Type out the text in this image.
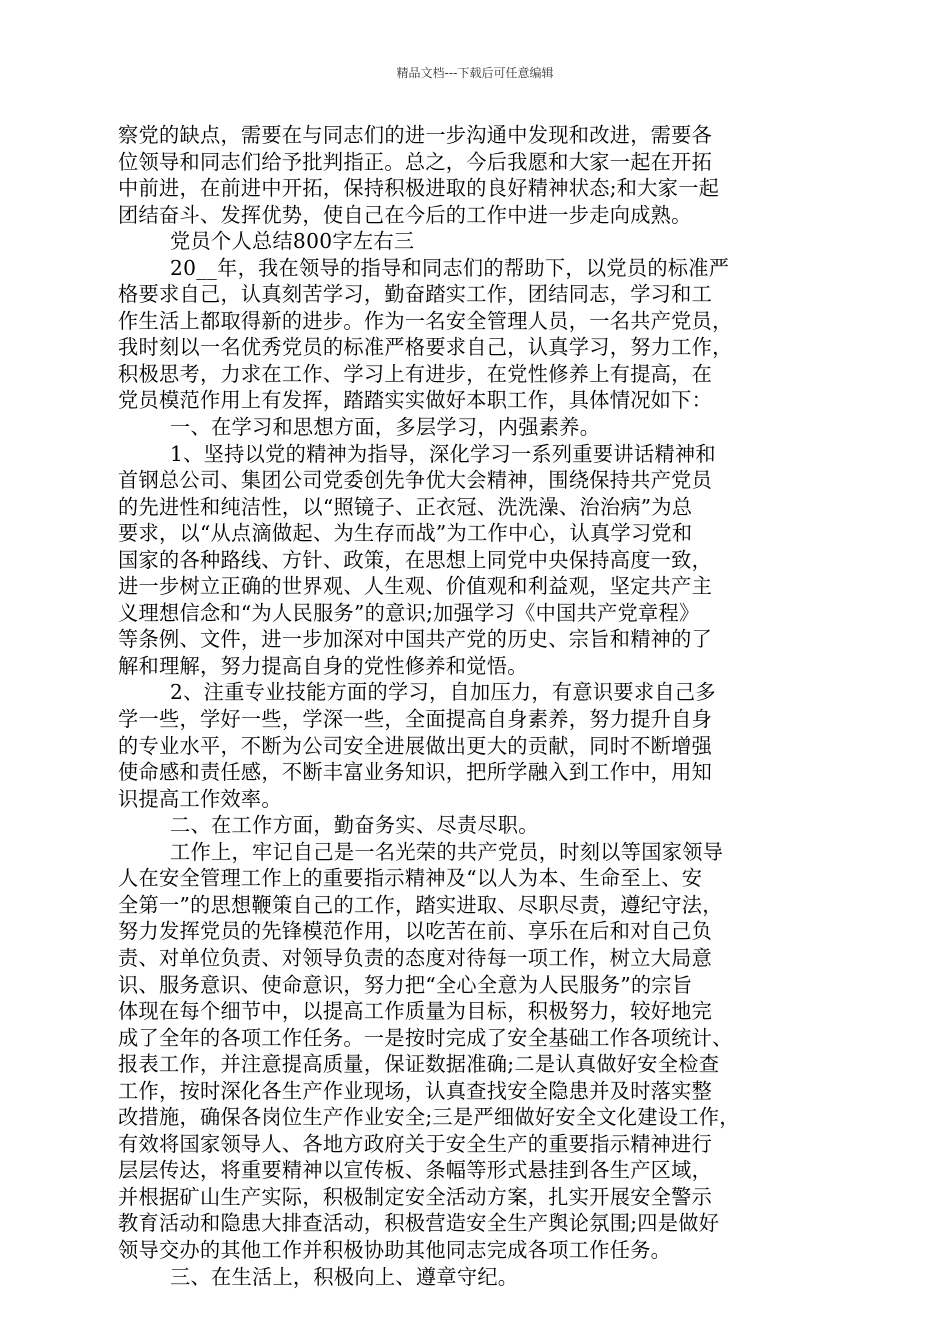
精品文档---下载后可任意编辑
察党的缺点，需要在与同志们的进一步沟通中发现和改进，需要各
位领导和同志们给予批判指正。总之，今后我愿和大家一起在开拓
中前进，在前进中开拓，保持积极进取的良好精神状态;和大家一起
团结奋斗、发挥优势，使自己在今后的工作中进一步走向成熟。
党员个人总结800字左右三
20__年，我在领导的指导和同志们的帮助下，以党员的标准严
格要求自己，认真刻苦学习，勤奋踏实工作，团结同志，学习和工
作生活上都取得新的进步。作为一名安全管理人员，一名共产党员，
我时刻以一名优秀党员的标准严格要求自己，认真学习，努力工作，
积极思考，力求在工作、学习上有进步，在党性修养上有提高，在
党员模范作用上有发挥，踏踏实实做好本职工作，具体情况如下：
一、在学习和思想方面，多层学习，内强素养。
1、坚持以党的精神为指导，深化学习一系列重要讲话精神和
首钢总公司、集团公司党委创先争优大会精神，围绕保持共产党员
的先进性和纯洁性，以“照镜子、正衣冠、洗洗澡、治治病”为总
要求，以“从点滴做起、为生存而战”为工作中心，认真学习党和
国家的各种路线、方针、政策，在思想上同党中央保持高度一致，
进一步树立正确的世界观、人生观、价值观和利益观，坚定共产主
义理想信念和“为人民服务”的意识;加强学习《中国共产党章程》
等条例、文件，进一步加深对中国共产党的历史、宗旨和精神的了
解和理解，努力提高自身的党性修养和觉悟。
2、注重专业技能方面的学习，自加压力，有意识要求自己多
学一些，学好一些，学深一些，全面提高自身素养，努力提升自身
的专业水平，不断为公司安全进展做出更大的贡献，同时不断增强
使命感和责任感，不断丰富业务知识，把所学融入到工作中，用知
识提高工作效率。
二、在工作方面，勤奋务实、尽责尽职。
工作上，牢记自己是一名光荣的共产党员，时刻以等国家领导
人在安全管理工作上的重要指示精神及“以人为本、生命至上、安
全第一”的思想鞭策自己的工作，踏实进取、尽职尽责，遵纪守法，
努力发挥党员的先锋模范作用，以吃苦在前、享乐在后和对自己负
责、对单位负责、对领导负责的态度对待每一项工作，树立大局意
识、服务意识、使命意识，努力把“全心全意为人民服务”的宗旨
体现在每个细节中，以提高工作质量为目标，积极努力，较好地完
成了全年的各项工作任务。一是按时完成了安全基础工作各项统计、
报表工作，并注意提高质量，保证数据准确;二是认真做好安全检查
工作，按时深化各生产作业现场，认真查找安全隐患并及时落实整
改措施，确保各岗位生产作业安全;三是严细做好安全文化建设工作，
有效将国家领导人、各地方政府关于安全生产的重要指示精神进行
层层传达，将重要精神以宣传板、条幅等形式悬挂到各生产区域，
并根据矿山生产实际，积极制定安全活动方案，扎实开展安全警示
教育活动和隐患大排查活动，积极营造安全生产舆论氛围;四是做好
领导交办的其他工作并积极协助其他同志完成各项工作任务。
三、在生活上，积极向上、遵章守纪。
